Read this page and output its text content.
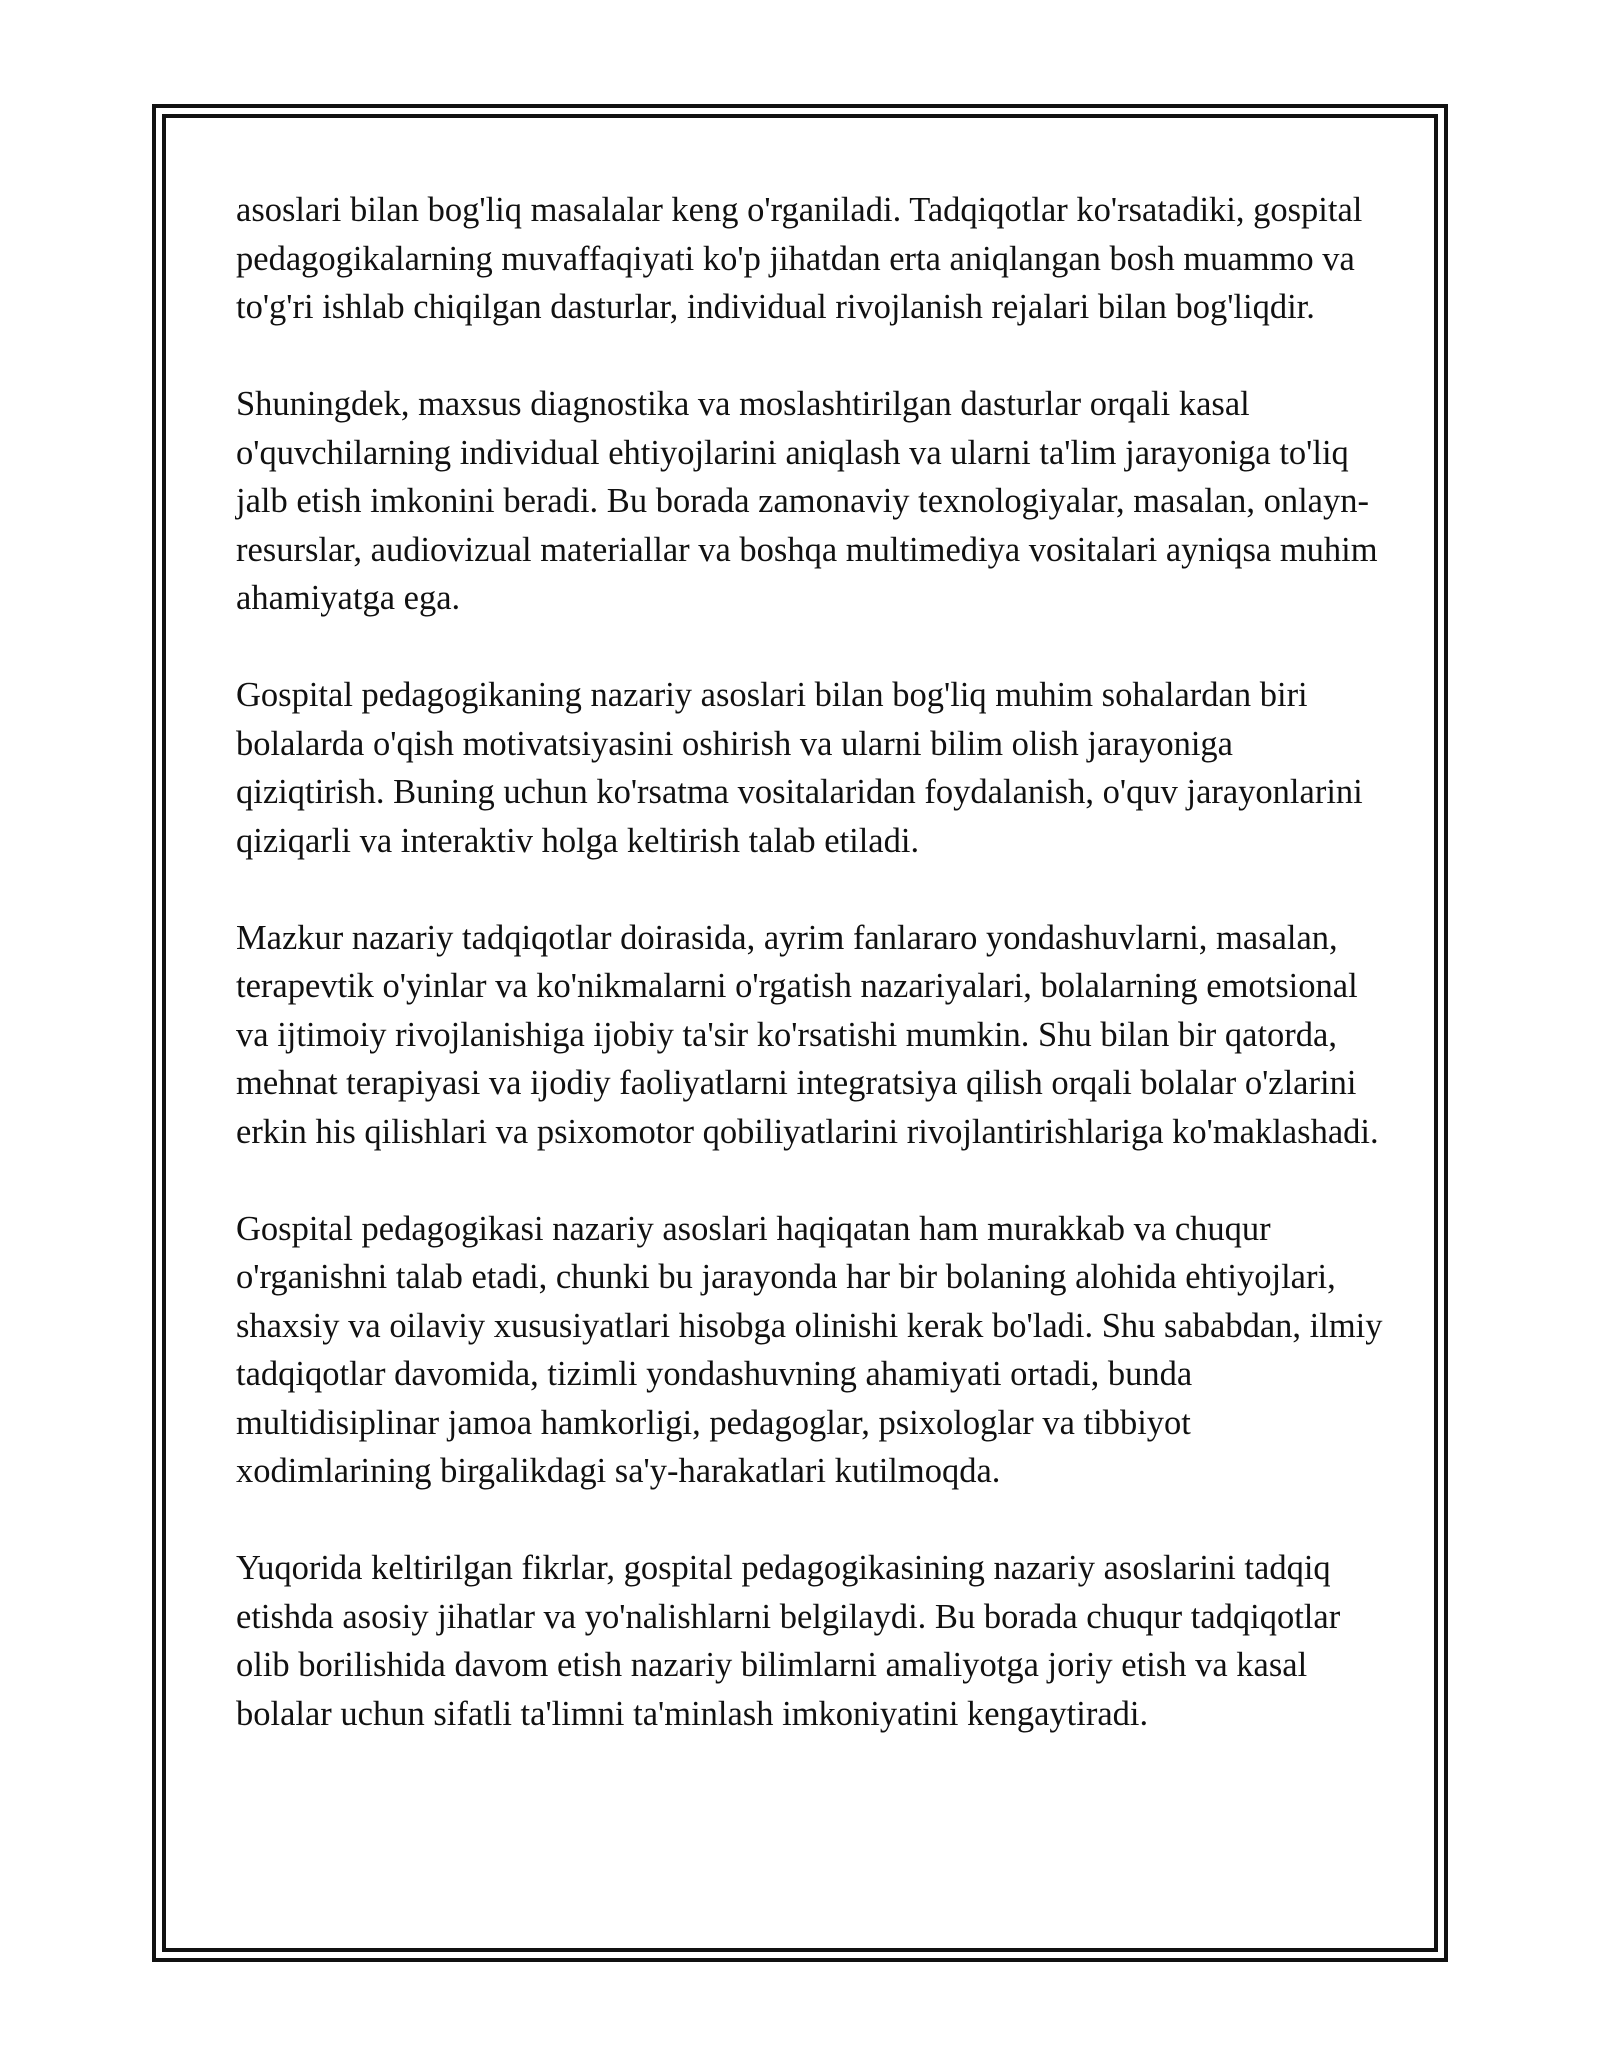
asoslari bilan bog'liq masalalar keng o'rganiladi. Tadqiqotlar ko'rsatadiki, gospital pedagogikalarning muvaffaqiyati ko'p jihatdan erta aniqlangan bosh muammo va to'g'ri ishlab chiqilgan dasturlar, individual rivojlanish rejalari bilan bog'liqdir.

Shuningdek, maxsus diagnostika va moslashtirilgan dasturlar orqali kasal o'quvchilarning individual ehtiyojlarini aniqlash va ularni ta'lim jarayoniga to'liq jalb etish imkonini beradi. Bu borada zamonaviy texnologiyalar, masalan, onlayn-resurslar, audiovizual materiallar va boshqa multimediya vositalari ayniqsa muhim ahamiyatga ega.

Gospital pedagogikaning nazariy asoslari bilan bog'liq muhim sohalardan biri bolalarda o'qish motivatsiyasini oshirish va ularni bilim olish jarayoniga qiziqtirish. Buning uchun ko'rsatma vositalaridan foydalanish, o'quv jarayonlarini qiziqarli va interaktiv holga keltirish talab etiladi.

Mazkur nazariy tadqiqotlar doirasida, ayrim fanlararo yondashuvlarni, masalan, terapevtik o'yinlar va ko'nikmalarni o'rgatish nazariyalari, bolalarning emotsional va ijtimoiy rivojlanishiga ijobiy ta'sir ko'rsatishi mumkin. Shu bilan bir qatorda, mehnat terapiyasi va ijodiy faoliyatlarni integratsiya qilish orqali bolalar o'zlarini erkin his qilishlari va psixomotor qobiliyatlarini rivojlantirishlariga ko'maklashadi.

Gospital pedagogikasi nazariy asoslari haqiqatan ham murakkab va chuqur o'rganishni talab etadi, chunki bu jarayonda har bir bolaning alohida ehtiyojlari, shaxsiy va oilaviy xususiyatlari hisobga olinishi kerak bo'ladi. Shu sababdan, ilmiy tadqiqotlar davomida, tizimli yondashuvning ahamiyati ortadi, bunda multidisiplinar jamoa hamkorligi, pedagoglar, psixologlar va tibbiyot xodimlarining birgalikdagi sa'y-harakatlari kutilmoqda.

Yuqorida keltirilgan fikrlar, gospital pedagogikasining nazariy asoslarini tadqiq etishda asosiy jihatlar va yo'nalishlarni belgilaydi. Bu borada chuqur tadqiqotlar olib borilishida davom etish nazariy bilimlarni amaliyotga joriy etish va kasal bolalar uchun sifatli ta'limni ta'minlash imkoniyatini kengaytiradi.
